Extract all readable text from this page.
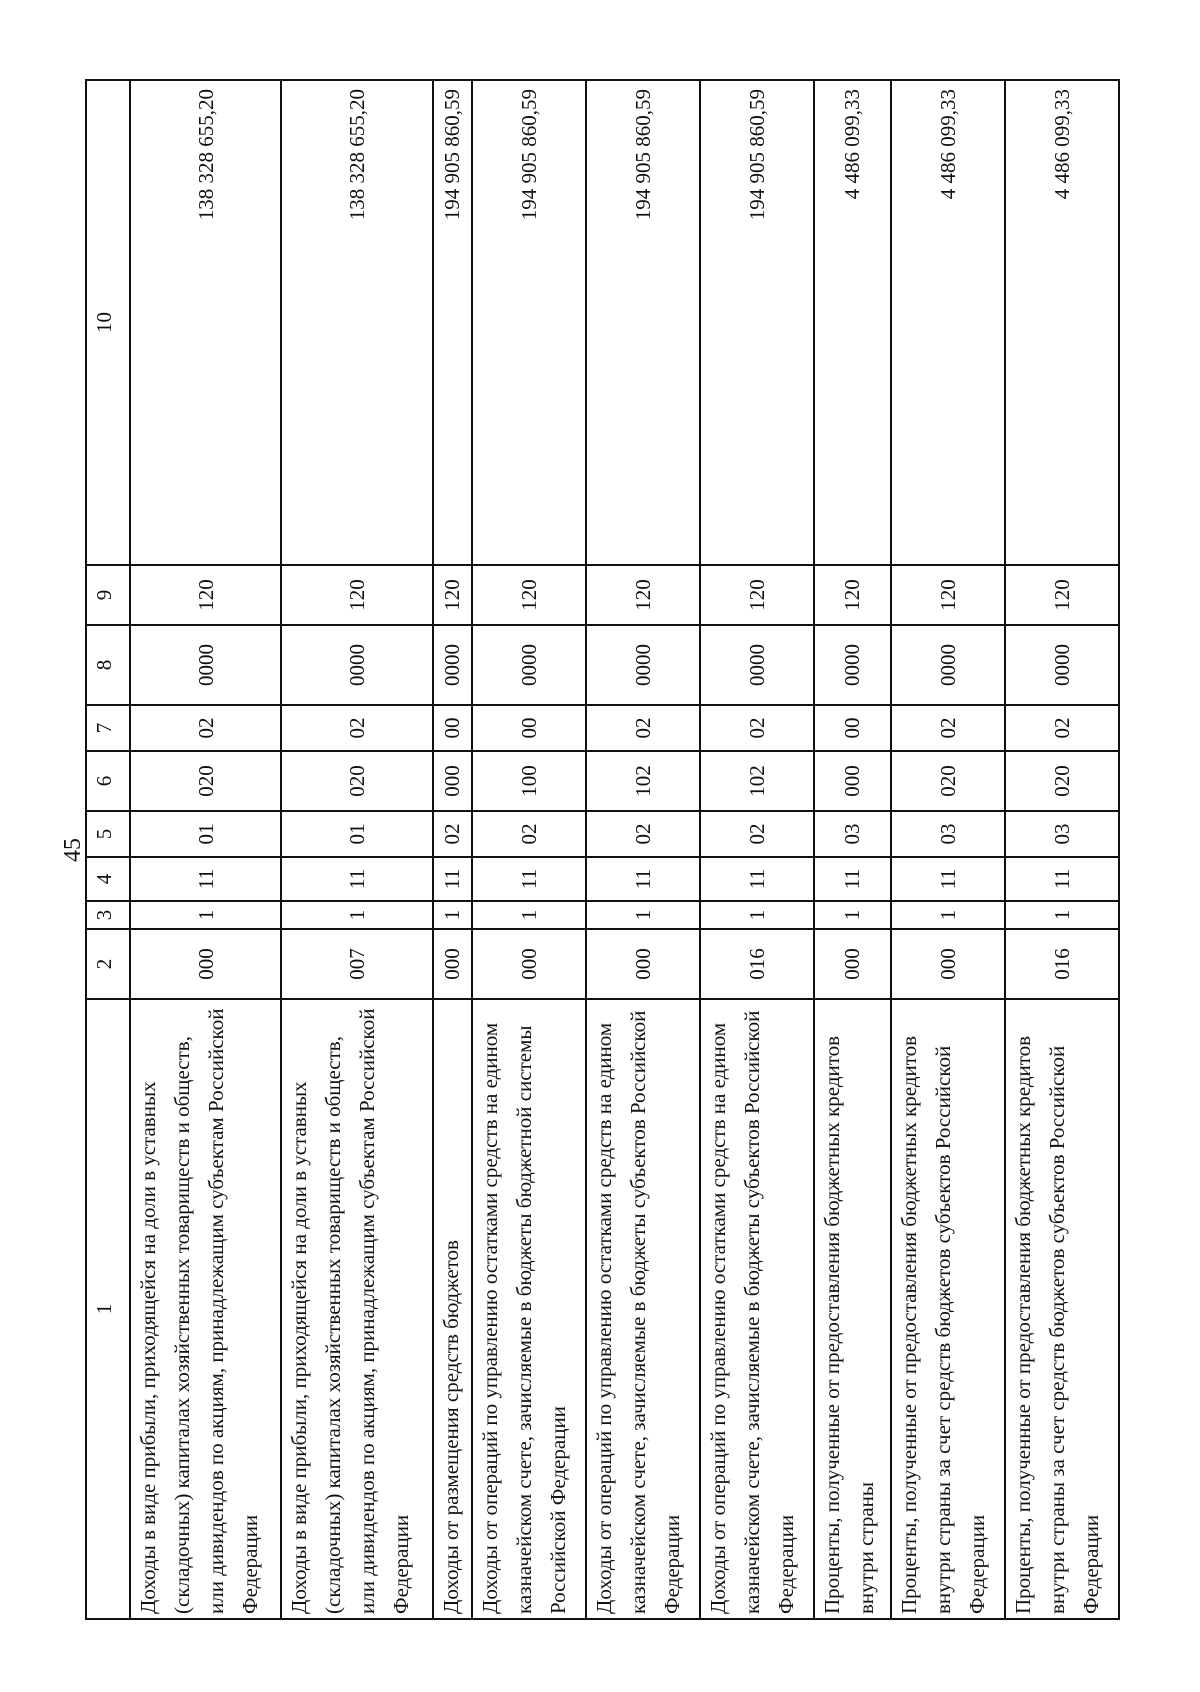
45
1	2	3	4	5	6	7	8	9	10
Доходы в виде прибыли, приходящейся на доли в уставных (складочных) капиталах хозяйственных товариществ и обществ, или дивидендов по акциям, принадлежащим субъектам Российской Федерации	000	1	11	01	020	02	0000	120	138 328 655,20
Доходы в виде прибыли, приходящейся на доли в уставных (складочных) капиталах хозяйственных товариществ и обществ, или дивидендов по акциям, принадлежащим субъектам Российской Федерации	007	1	11	01	020	02	0000	120	138 328 655,20
Доходы от размещения средств бюджетов	000	1	11	02	000	00	0000	120	194 905 860,59
Доходы от операций по управлению остатками средств на едином казначейском счете, зачисляемые в бюджеты бюджетной системы Российской Федерации	000	1	11	02	100	00	0000	120	194 905 860,59
Доходы от операций по управлению остатками средств на едином казначейском счете, зачисляемые в бюджеты субъектов Российской Федерации	000	1	11	02	102	02	0000	120	194 905 860,59
Доходы от операций по управлению остатками средств на едином казначейском счете, зачисляемые в бюджеты субъектов Российской Федерации	016	1	11	02	102	02	0000	120	194 905 860,59
Проценты, полученные от предоставления бюджетных кредитов внутри страны	000	1	11	03	000	00	0000	120	4 486 099,33
Проценты, полученные от предоставления бюджетных кредитов внутри страны за счет средств бюджетов субъектов Российской Федерации	000	1	11	03	020	02	0000	120	4 486 099,33
Проценты, полученные от предоставления бюджетных кредитов внутри страны за счет средств бюджетов субъектов Российской Федерации	016	1	11	03	020	02	0000	120	4 486 099,33
